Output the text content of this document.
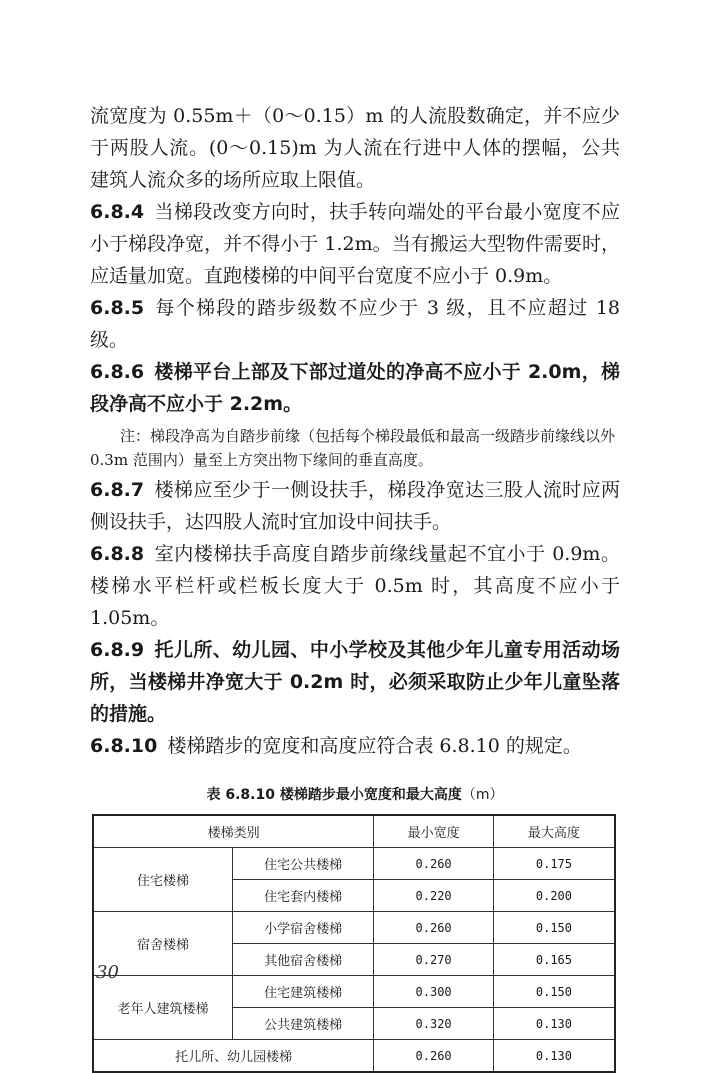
流宽度为 0.55m＋（0～0.15）m 的人流股数确定，并不应少于两股人流。(0～0.15)m 为人流在行进中人体的摆幅，公共建筑人流众多的场所应取上限值。

6.8.4 当梯段改变方向时，扶手转向端处的平台最小宽度不应小于梯段净宽，并不得小于 1.2m。当有搬运大型物件需要时，应适量加宽。直跑楼梯的中间平台宽度不应小于 0.9m。

6.8.5 每个梯段的踏步级数不应少于 3 级，且不应超过 18 级。

6.8.6 楼梯平台上部及下部过道处的净高不应小于 2.0m，梯段净高不应小于 2.2m。

注：梯段净高为自踏步前缘（包括每个梯段最低和最高一级踏步前缘线以外 0.3m 范围内）量至上方突出物下缘间的垂直高度。

6.8.7 楼梯应至少于一侧设扶手，梯段净宽达三股人流时应两侧设扶手，达四股人流时宜加设中间扶手。

6.8.8 室内楼梯扶手高度自踏步前缘线量起不宜小于 0.9m。楼梯水平栏杆或栏板长度大于 0.5m 时，其高度不应小于 1.05m。

6.8.9 托儿所、幼儿园、中小学校及其他少年儿童专用活动场所，当楼梯井净宽大于 0.2m 时，必须采取防止少年儿童坠落的措施。

6.8.10 楼梯踏步的宽度和高度应符合表 6.8.10 的规定。

表 6.8.10 楼梯踏步最小宽度和最大高度（m）
楼梯类别		最小宽度	最大高度
住宅楼梯	住宅公共楼梯	0.260	0.175
	住宅套内楼梯	0.220	0.200
宿舍楼梯	小学宿舍楼梯	0.260	0.150
	其他宿舍楼梯	0.270	0.165
老年人建筑楼梯	住宅建筑楼梯	0.300	0.150
	公共建筑楼梯	0.320	0.130
托儿所、幼儿园楼梯		0.260	0.130
30
